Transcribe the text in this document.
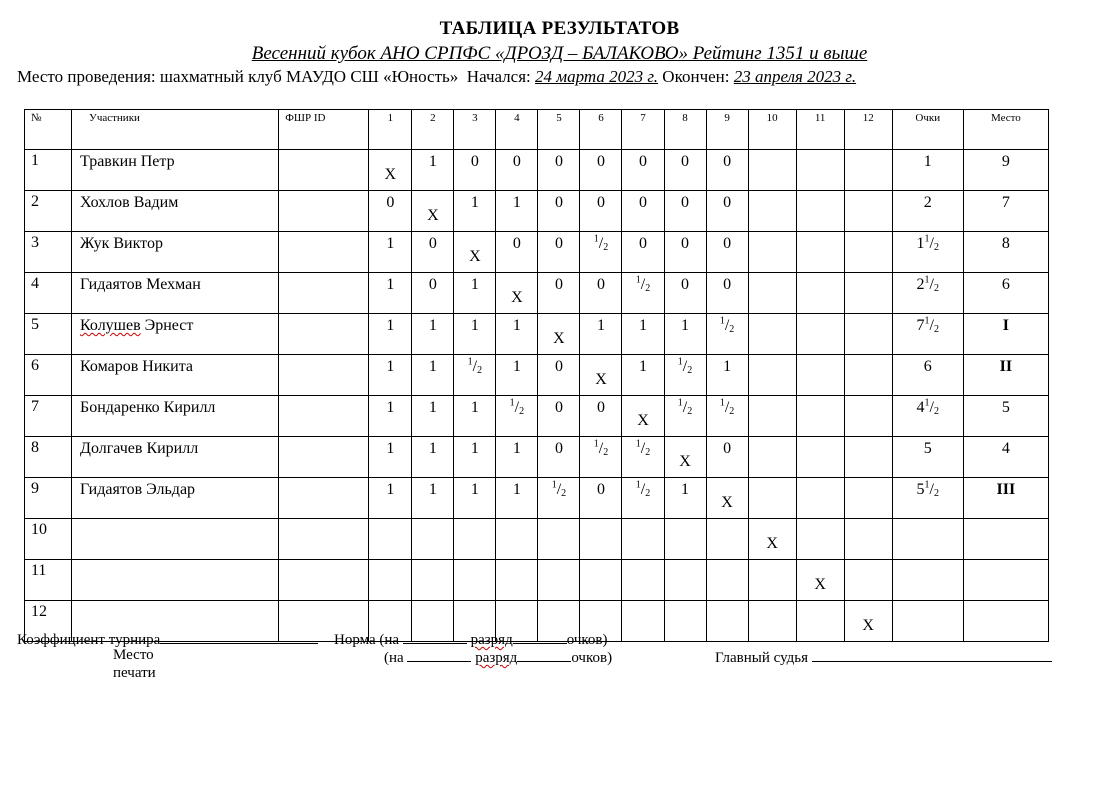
ТАБЛИЦА РЕЗУЛЬТАТОВ
Весенний кубок АНО СРПФС «ДРОЗД – БАЛАКОВО» Рейтинг 1351 и выше
Место проведения: шахматный клуб МАУДО СШ «Юность» Начался: 24 марта 2023 г. Окончен: 23 апреля 2023 г.
№	Участники	ФШР ID	1	2	3	4	5	6	7	8	9	10	11	12	Очки	Место
1	Травкин Петр		X	1	0	0	0	0	0	0	0				1	9
2	Хохлов Вадим		0	X	1	1	0	0	0	0	0				2	7
3	Жук Виктор		1	0	X	0	0	$^1/_2$	0	0	0				$1^1/_2$	8
4	Гидаятов Мехман		1	0	1	X	0	0	$^1/_2$	0	0				$2^1/_2$	6
5	Колушев Эрнест		1	1	1	1	X	1	1	1	$^1/_2$				$7^1/_2$	I
6	Комаров Никита		1	1	$^1/_2$	1	0	X	1	$^1/_2$	1				6	II
7	Бондаренко Кирилл		1	1	1	$^1/_2$	0	0	X	$^1/_2$	$^1/_2$				$4^1/_2$	5
8	Долгачев Кирилл		1	1	1	1	0	$^1/_2$	$^1/_2$	X	0				5	4
9	Гидаятов Эльдар		1	1	1	1	$^1/_2$	0	$^1/_2$	1	X				$5^1/_2$	III
10												X				
11													X			
12														X		
Коэффициент турнира	Норма (на	разряд	очков)
Место
печати
(на	разряд	очков)	Главный судья
